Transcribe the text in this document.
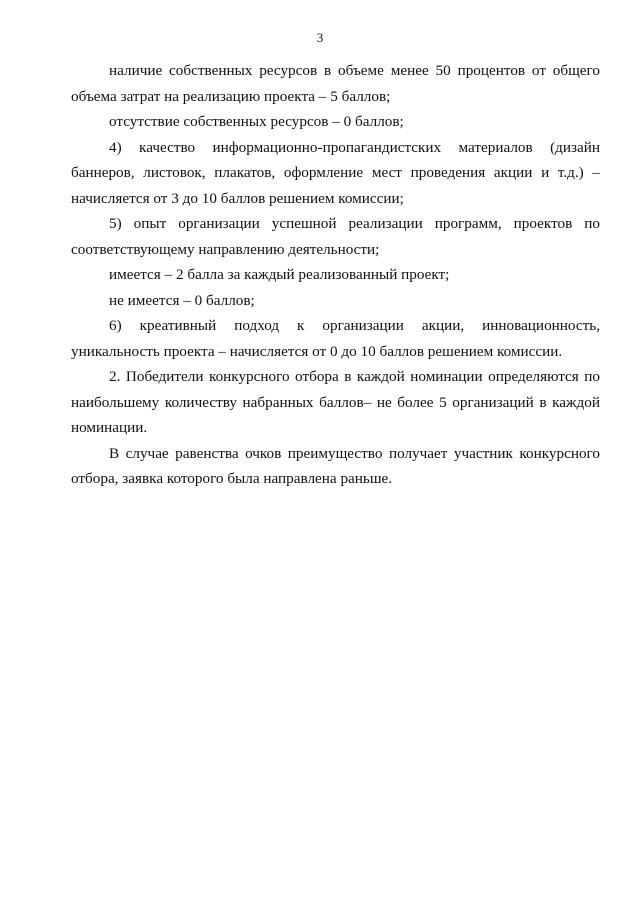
3

наличие собственных ресурсов в объеме менее 50 процентов от общего объема затрат на реализацию проекта – 5 баллов;

отсутствие собственных ресурсов – 0 баллов;

4) качество информационно-пропагандистских материалов (дизайн баннеров, листовок, плакатов, оформление мест проведения акции и т.д.) – начисляется от 3 до 10 баллов решением комиссии;

5) опыт организации успешной реализации программ, проектов по соответствующему направлению деятельности;

имеется – 2 балла за каждый реализованный проект;

не имеется – 0 баллов;

6) креативный подход к организации акции, инновационность, уникальность проекта – начисляется от 0 до 10 баллов решением комиссии.

2. Победители конкурсного отбора в каждой номинации определяются по наибольшему количеству набранных баллов– не более 5 организаций в каждой номинации.

В случае равенства очков преимущество получает участник конкурсного отбора, заявка которого была направлена раньше.
